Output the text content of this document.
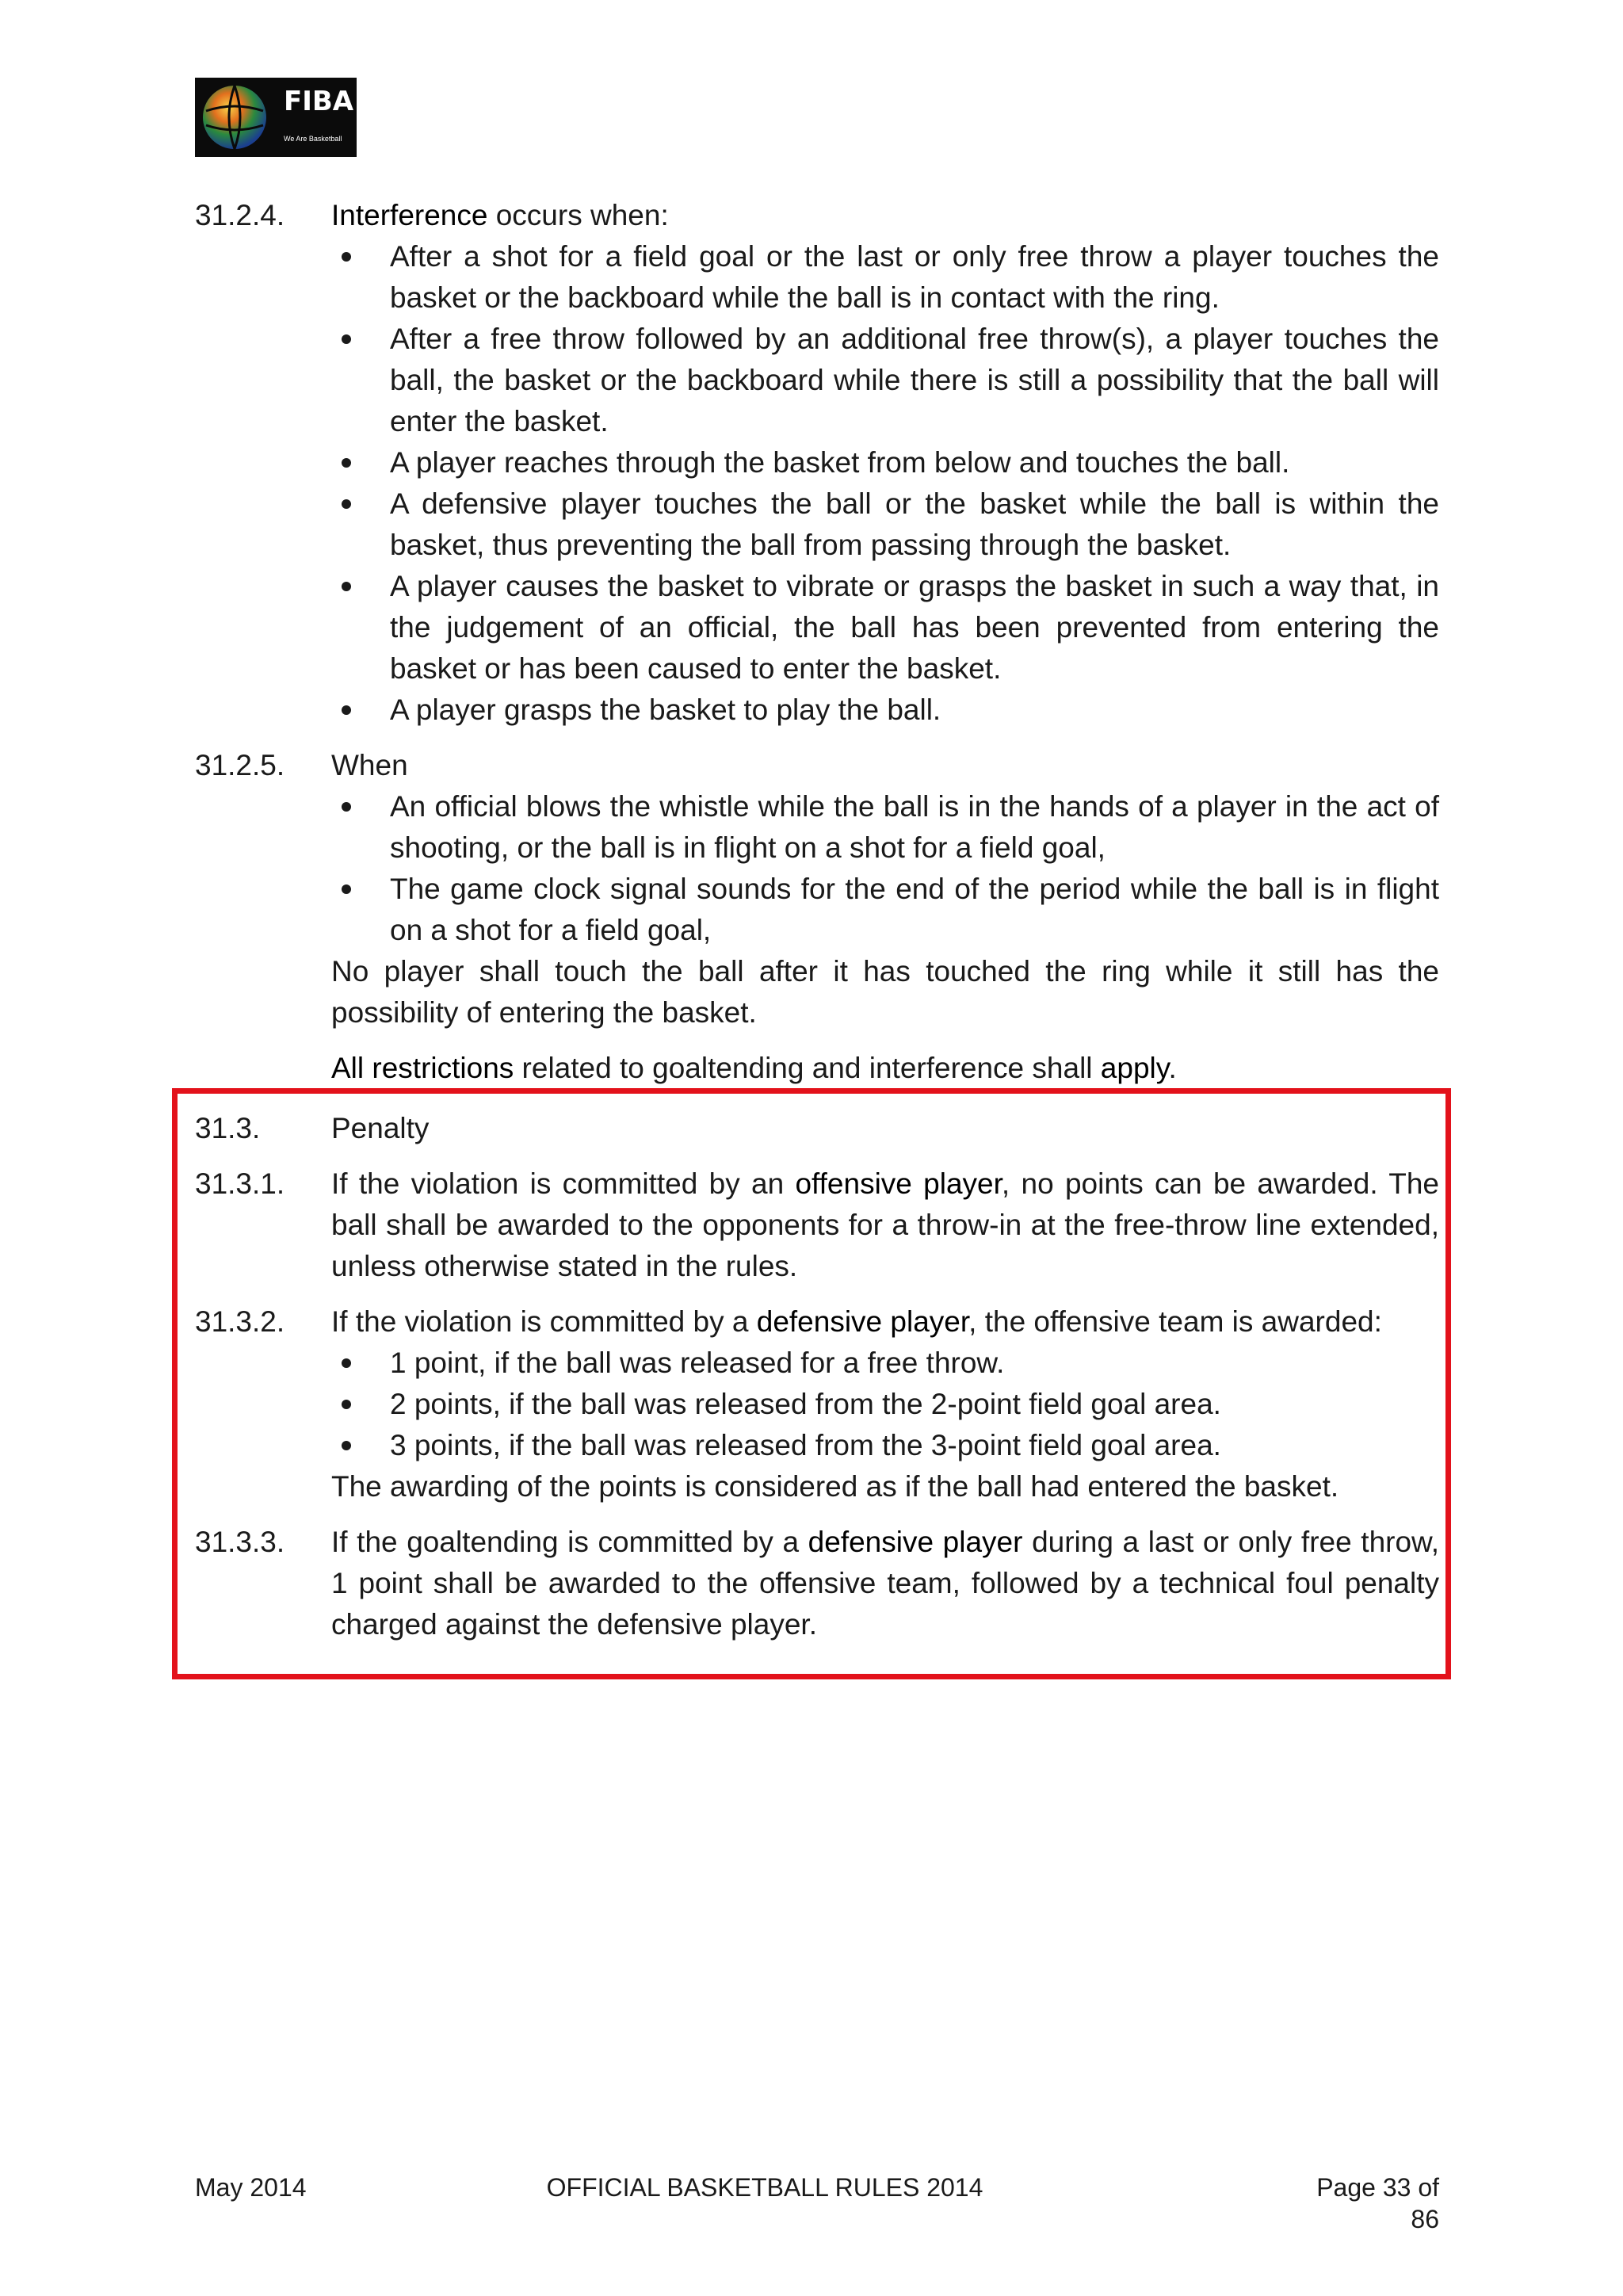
FIBA
We Are Basketball
31.2.4. Interference occurs when:

After a shot for a field goal or the last or only free throw a player touches the basket or the backboard while the ball is in contact with the ring.
After a free throw followed by an additional free throw(s), a player touches the ball, the basket or the backboard while there is still a possibility that the ball will enter the basket.
A player reaches through the basket from below and touches the ball.
A defensive player touches the ball or the basket while the ball is within the basket, thus preventing the ball from passing through the basket.
A player causes the basket to vibrate or grasps the basket in such a way that, in the judgement of an official, the ball has been prevented from entering the basket or has been caused to enter the basket.
A player grasps the basket to play the ball.
31.2.5. When

An official blows the whistle while the ball is in the hands of a player in the act of shooting, or the ball is in flight on a shot for a field goal,
The game clock signal sounds for the end of the period while the ball is in flight on a shot for a field goal,

No player shall touch the ball after it has touched the ring while it still has the possibility of entering the basket.

All restrictions related to goaltending and interference shall apply.

31.3. Penalty

31.3.1. If the violation is committed by an offensive player, no points can be awarded. The ball shall be awarded to the opponents for a throw-in at the free-throw line extended, unless otherwise stated in the rules.

31.3.2. If the violation is committed by a defensive player, the offensive team is awarded:

1 point, if the ball was released for a free throw.
2 points, if the ball was released from the 2-point field goal area.
3 points, if the ball was released from the 3-point field goal area.

The awarding of the points is considered as if the ball had entered the basket.

31.3.3. If the goaltending is committed by a defensive player during a last or only free throw, 1 point shall be awarded to the offensive team, followed by a technical foul penalty charged against the defensive player.

May 2014	OFFICIAL BASKETBALL RULES 2014	Page 33 of 86
